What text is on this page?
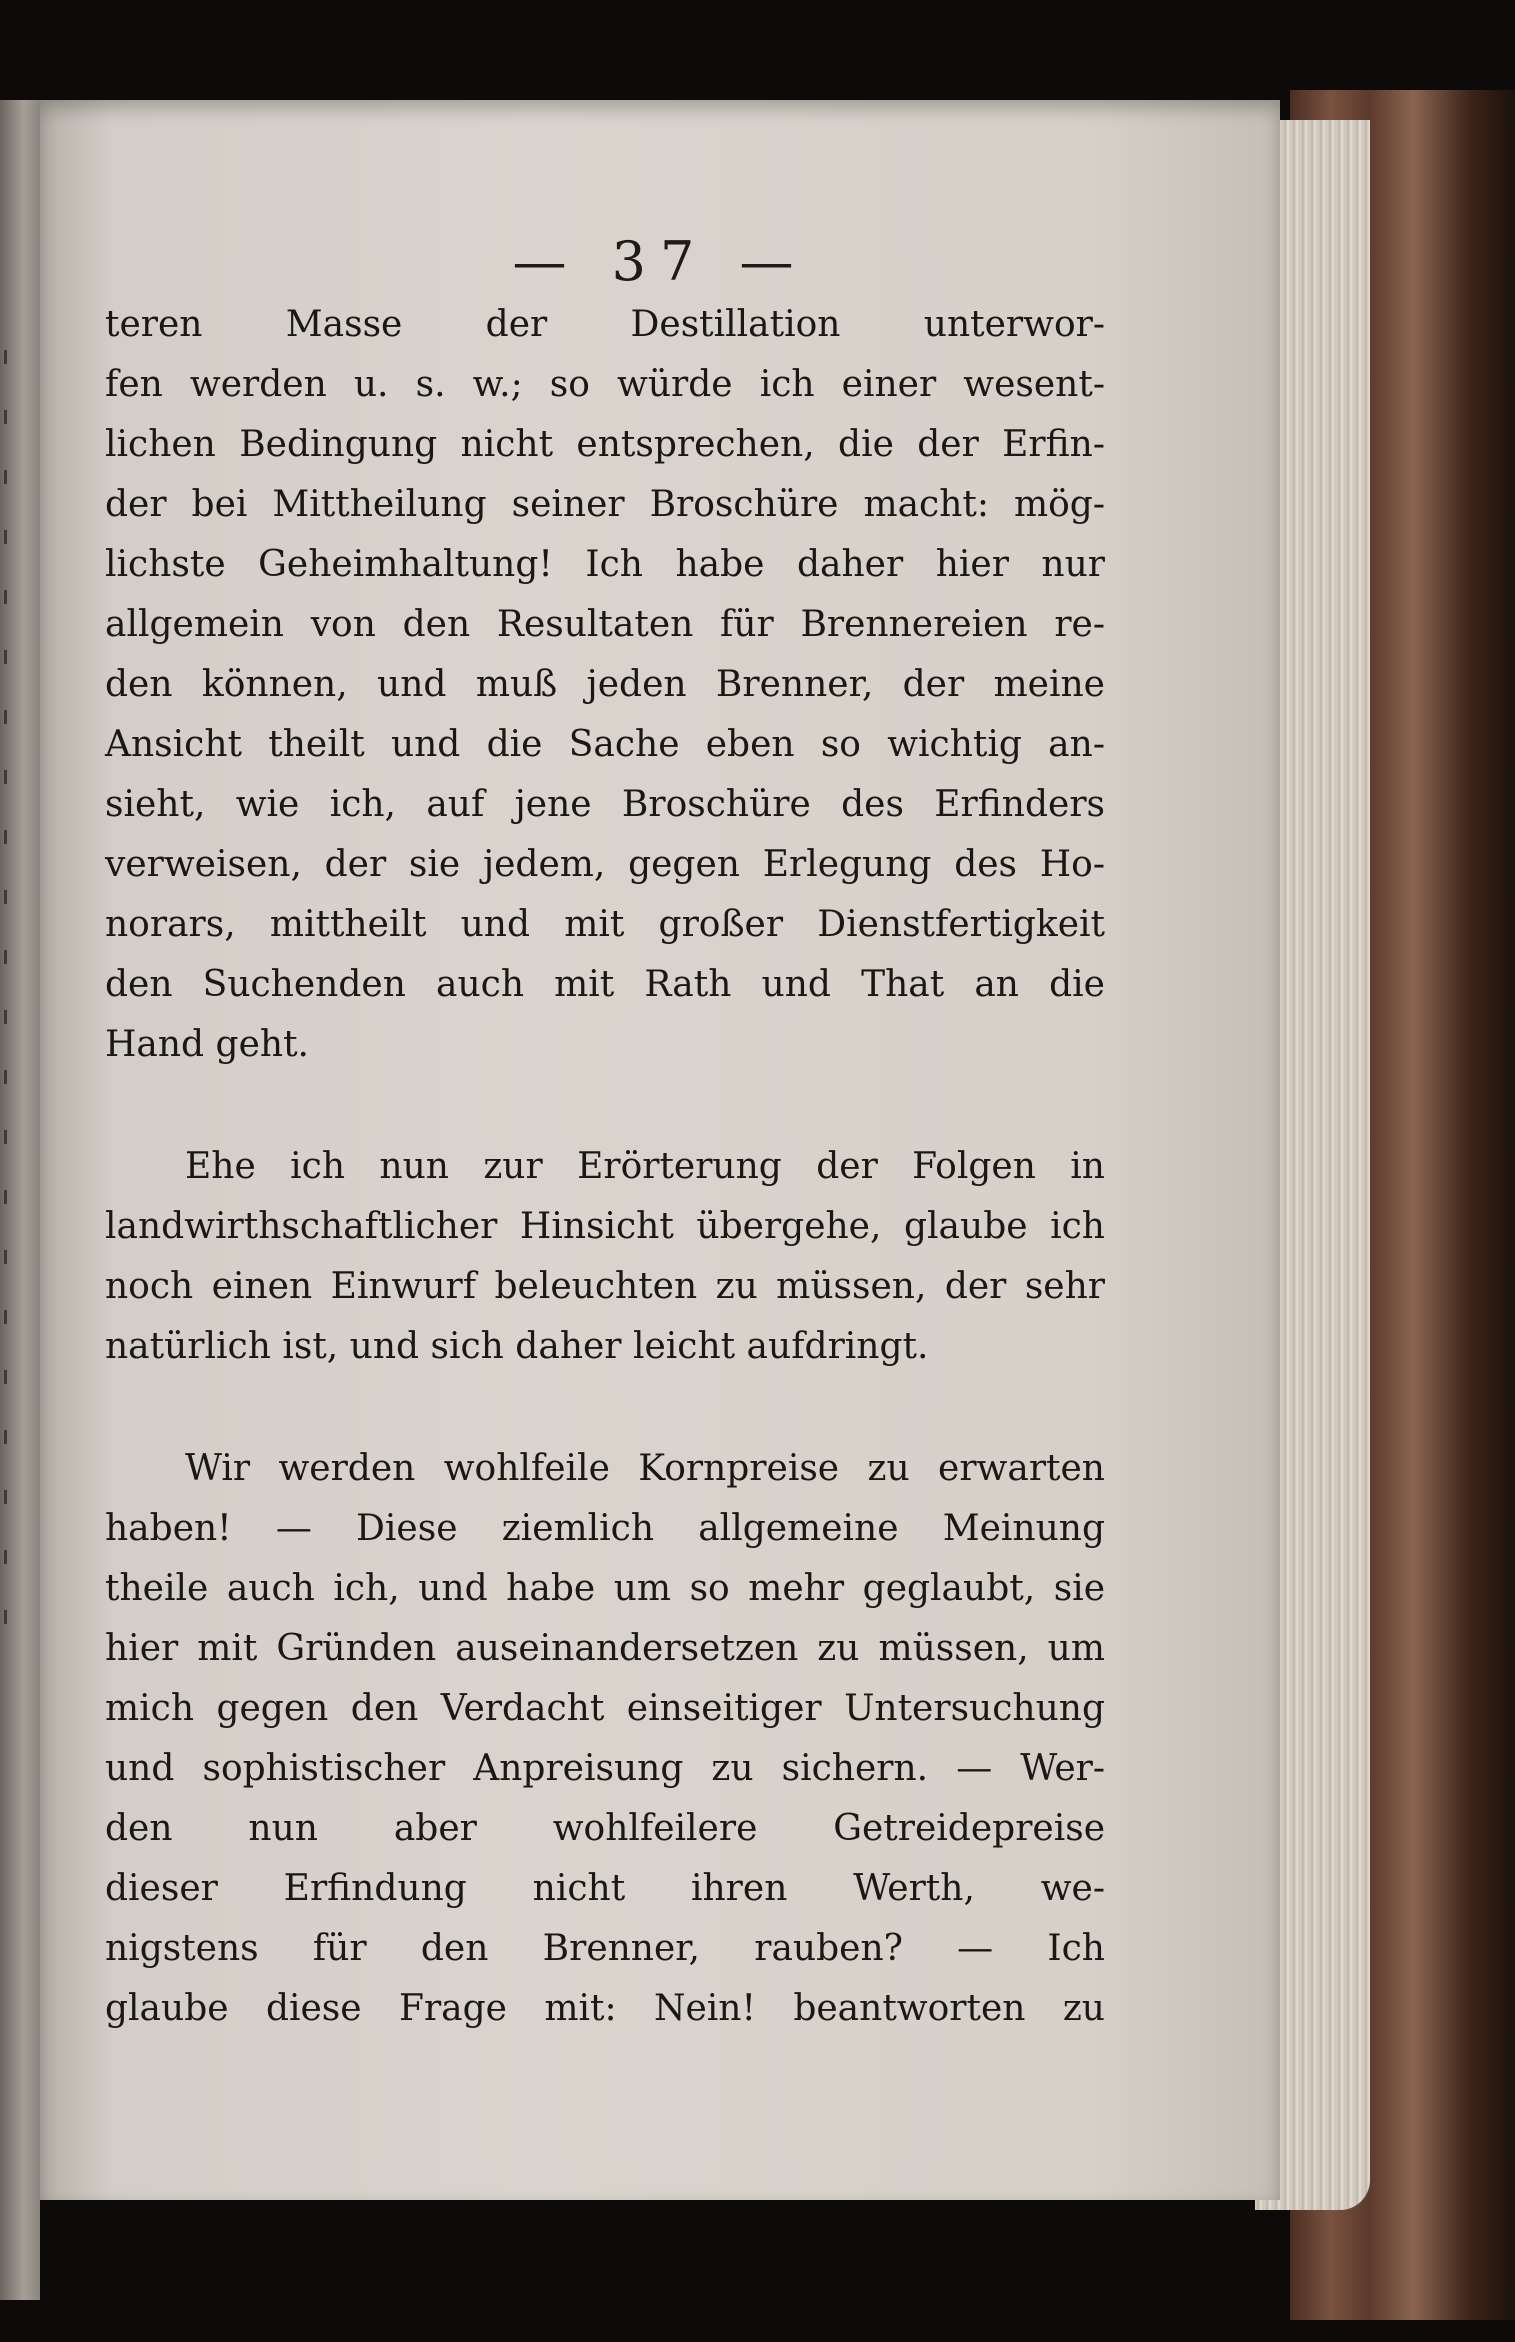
— 37 —
teren Masse der Destillation unterwor-
fen werden u. s. w.; so würde ich einer wesent-
lichen Bedingung nicht entsprechen, die der Erfin-
der bei Mittheilung seiner Broschüre macht: mög-
lichste Geheimhaltung! Ich habe daher hier nur
allgemein von den Resultaten für Brennereien re-
den können, und muß jeden Brenner, der meine
Ansicht theilt und die Sache eben so wichtig an-
sieht, wie ich, auf jene Broschüre des Erfinders
verweisen, der sie jedem, gegen Erlegung des Ho-
norars, mittheilt und mit großer Dienstfertigkeit
den Suchenden auch mit Rath und That an die
Hand geht.
Ehe ich nun zur Erörterung der Folgen in
landwirthschaftlicher Hinsicht übergehe, glaube ich
noch einen Einwurf beleuchten zu müssen, der sehr
natürlich ist, und sich daher leicht aufdringt.
Wir werden wohlfeile Kornpreise zu erwarten
haben! — Diese ziemlich allgemeine Meinung
theile auch ich, und habe um so mehr geglaubt, sie
hier mit Gründen auseinandersetzen zu müssen, um
mich gegen den Verdacht einseitiger Untersuchung
und sophistischer Anpreisung zu sichern. — Wer-
den nun aber wohlfeilere Getreidepreise
dieser Erfindung nicht ihren Werth, we-
nigstens für den Brenner, rauben? — Ich
glaube diese Frage mit: Nein! beantworten zu
